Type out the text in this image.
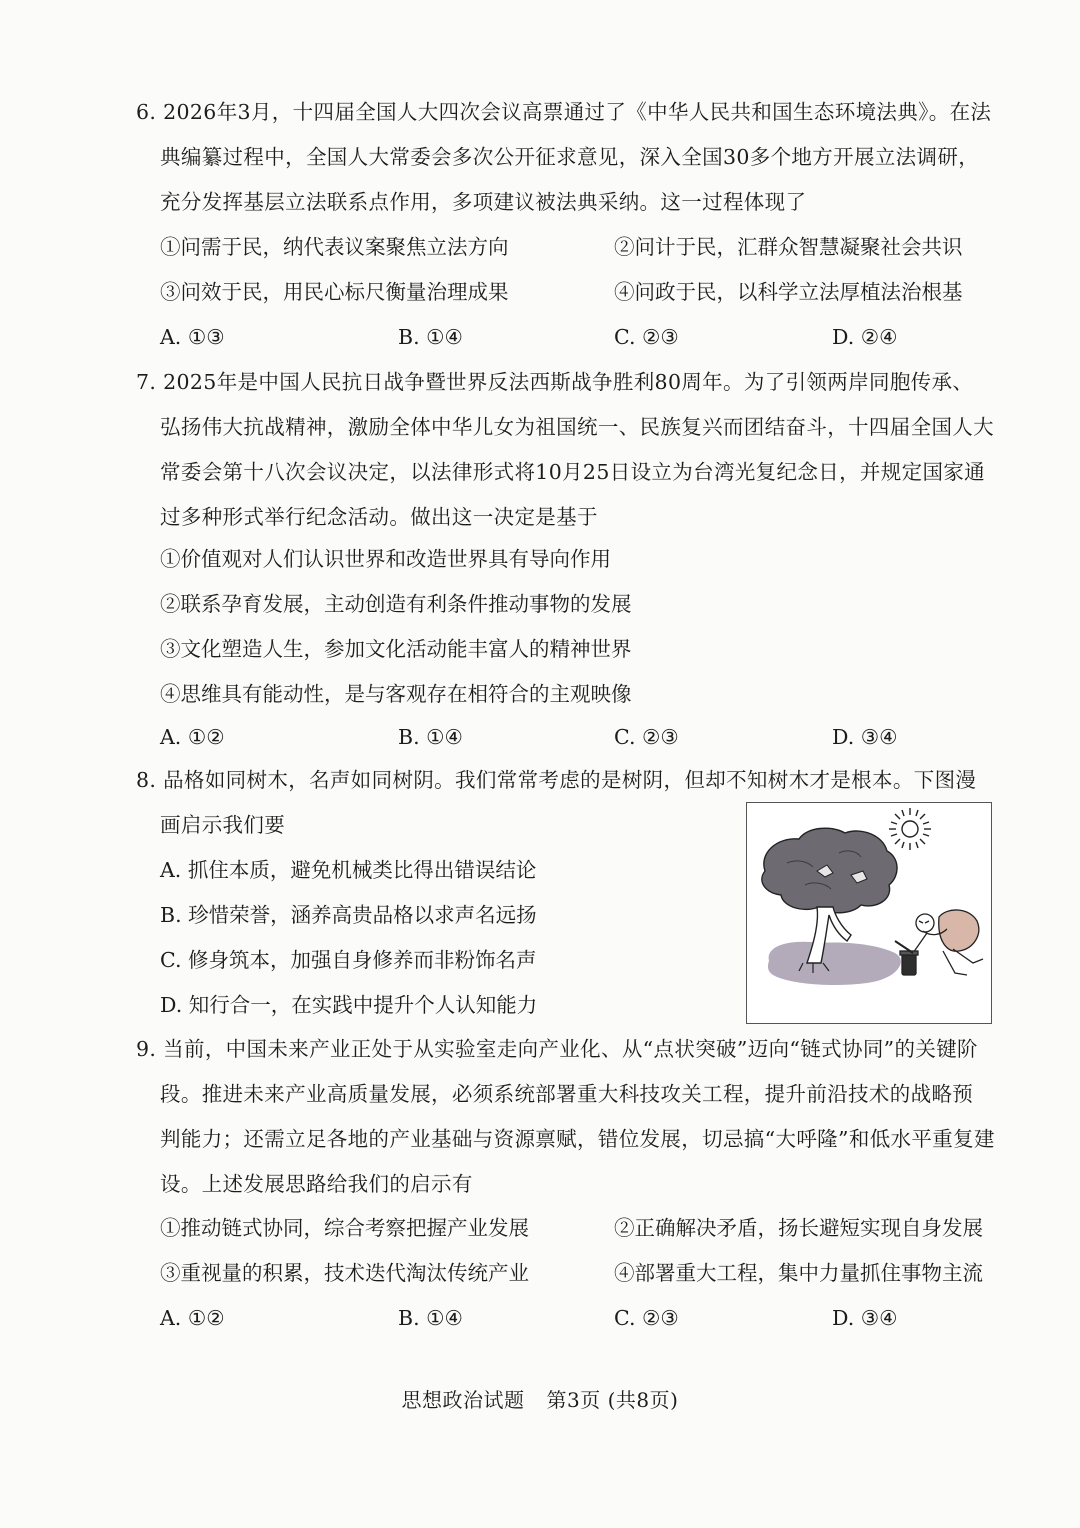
6. 2026年3月，十四届全国人大四次会议高票通过了《中华人民共和国生态环境法典》。在法
典编纂过程中，全国人大常委会多次公开征求意见，深入全国30多个地方开展立法调研，
充分发挥基层立法联系点作用，多项建议被法典采纳。这一过程体现了
①问需于民，纳代表议案聚焦立法方向	②问计于民，汇群众智慧凝聚社会共识
③问效于民，用民心标尺衡量治理成果	④问政于民，以科学立法厚植法治根基
A. ①③	B. ①④	C. ②③	D. ②④
7. 2025年是中国人民抗日战争暨世界反法西斯战争胜利80周年。为了引领两岸同胞传承、
弘扬伟大抗战精神，激励全体中华儿女为祖国统一、民族复兴而团结奋斗，十四届全国人大
常委会第十八次会议决定，以法律形式将10月25日设立为台湾光复纪念日，并规定国家通
过多种形式举行纪念活动。做出这一决定是基于
①价值观对人们认识世界和改造世界具有导向作用
②联系孕育发展，主动创造有利条件推动事物的发展
③文化塑造人生，参加文化活动能丰富人的精神世界
④思维具有能动性，是与客观存在相符合的主观映像
A. ①②	B. ①④	C. ②③	D. ③④
8. 品格如同树木，名声如同树阴。我们常常考虑的是树阴，但却不知树木才是根本。下图漫
画启示我们要
A. 抓住本质，避免机械类比得出错误结论
B. 珍惜荣誉，涵养高贵品格以求声名远扬
C. 修身筑本，加强自身修养而非粉饰名声
D. 知行合一，在实践中提升个人认知能力
9. 当前，中国未来产业正处于从实验室走向产业化、从“点状突破”迈向“链式协同”的关键阶
段。推进未来产业高质量发展，必须系统部署重大科技攻关工程，提升前沿技术的战略预
判能力；还需立足各地的产业基础与资源禀赋，错位发展，切忌搞“大呼隆”和低水平重复建
设。上述发展思路给我们的启示有
①推动链式协同，综合考察把握产业发展	②正确解决矛盾，扬长避短实现自身发展
③重视量的积累，技术迭代淘汰传统产业	④部署重大工程，集中力量抓住事物主流
A. ①②	B. ①④	C. ②③	D. ③④
思想政治试题 第3页 (共8页)
